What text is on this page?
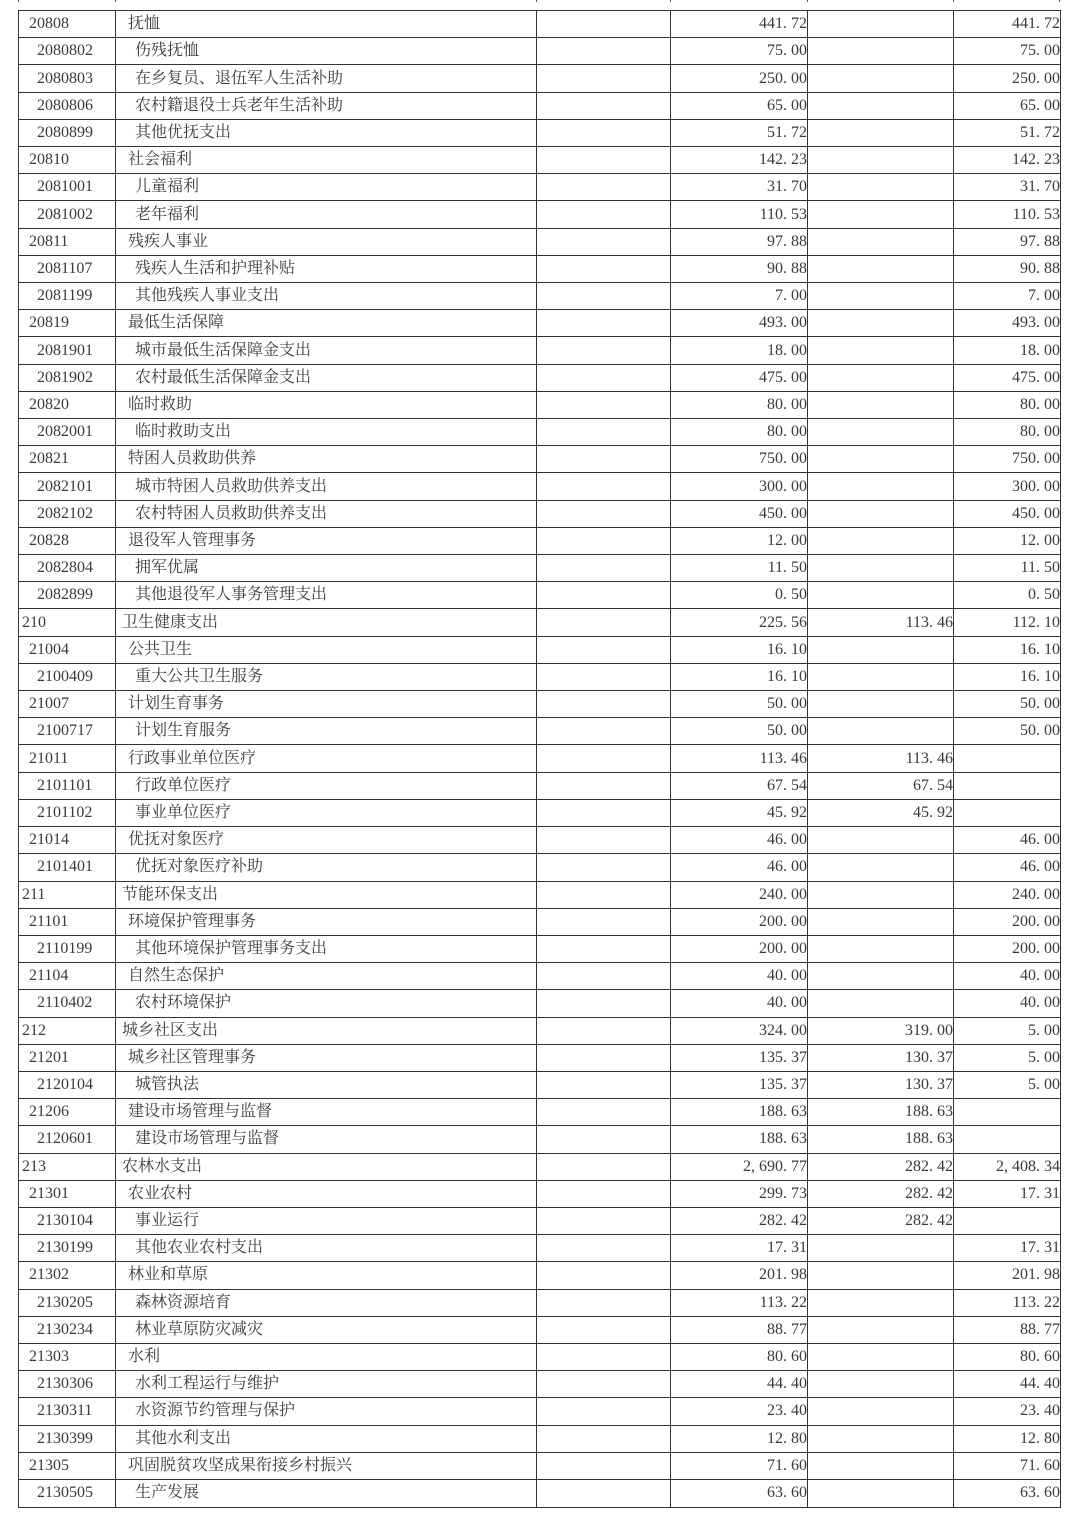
20808	抚恤		441. 72		441. 72
2080802	伤残抚恤		75. 00		75. 00
2080803	在乡复员、退伍军人生活补助		250. 00		250. 00
2080806	农村籍退役士兵老年生活补助		65. 00		65. 00
2080899	其他优抚支出		51. 72		51. 72
20810	社会福利		142. 23		142. 23
2081001	儿童福利		31. 70		31. 70
2081002	老年福利		110. 53		110. 53
20811	残疾人事业		97. 88		97. 88
2081107	残疾人生活和护理补贴		90. 88		90. 88
2081199	其他残疾人事业支出		7. 00		7. 00
20819	最低生活保障		493. 00		493. 00
2081901	城市最低生活保障金支出		18. 00		18. 00
2081902	农村最低生活保障金支出		475. 00		475. 00
20820	临时救助		80. 00		80. 00
2082001	临时救助支出		80. 00		80. 00
20821	特困人员救助供养		750. 00		750. 00
2082101	城市特困人员救助供养支出		300. 00		300. 00
2082102	农村特困人员救助供养支出		450. 00		450. 00
20828	退役军人管理事务		12. 00		12. 00
2082804	拥军优属		11. 50		11. 50
2082899	其他退役军人事务管理支出		0. 50		0. 50
210	卫生健康支出		225. 56	113. 46	112. 10
21004	公共卫生		16. 10		16. 10
2100409	重大公共卫生服务		16. 10		16. 10
21007	计划生育事务		50. 00		50. 00
2100717	计划生育服务		50. 00		50. 00
21011	行政事业单位医疗		113. 46	113. 46	
2101101	行政单位医疗		67. 54	67. 54	
2101102	事业单位医疗		45. 92	45. 92	
21014	优抚对象医疗		46. 00		46. 00
2101401	优抚对象医疗补助		46. 00		46. 00
211	节能环保支出		240. 00		240. 00
21101	环境保护管理事务		200. 00		200. 00
2110199	其他环境保护管理事务支出		200. 00		200. 00
21104	自然生态保护		40. 00		40. 00
2110402	农村环境保护		40. 00		40. 00
212	城乡社区支出		324. 00	319. 00	5. 00
21201	城乡社区管理事务		135. 37	130. 37	5. 00
2120104	城管执法		135. 37	130. 37	5. 00
21206	建设市场管理与监督		188. 63	188. 63	
2120601	建设市场管理与监督		188. 63	188. 63	
213	农林水支出		2, 690. 77	282. 42	2, 408. 34
21301	农业农村		299. 73	282. 42	17. 31
2130104	事业运行		282. 42	282. 42	
2130199	其他农业农村支出		17. 31		17. 31
21302	林业和草原		201. 98		201. 98
2130205	森林资源培育		113. 22		113. 22
2130234	林业草原防灾减灾		88. 77		88. 77
21303	水利		80. 60		80. 60
2130306	水利工程运行与维护		44. 40		44. 40
2130311	水资源节约管理与保护		23. 40		23. 40
2130399	其他水利支出		12. 80		12. 80
21305	巩固脱贫攻坚成果衔接乡村振兴		71. 60		71. 60
2130505	生产发展		63. 60		63. 60
